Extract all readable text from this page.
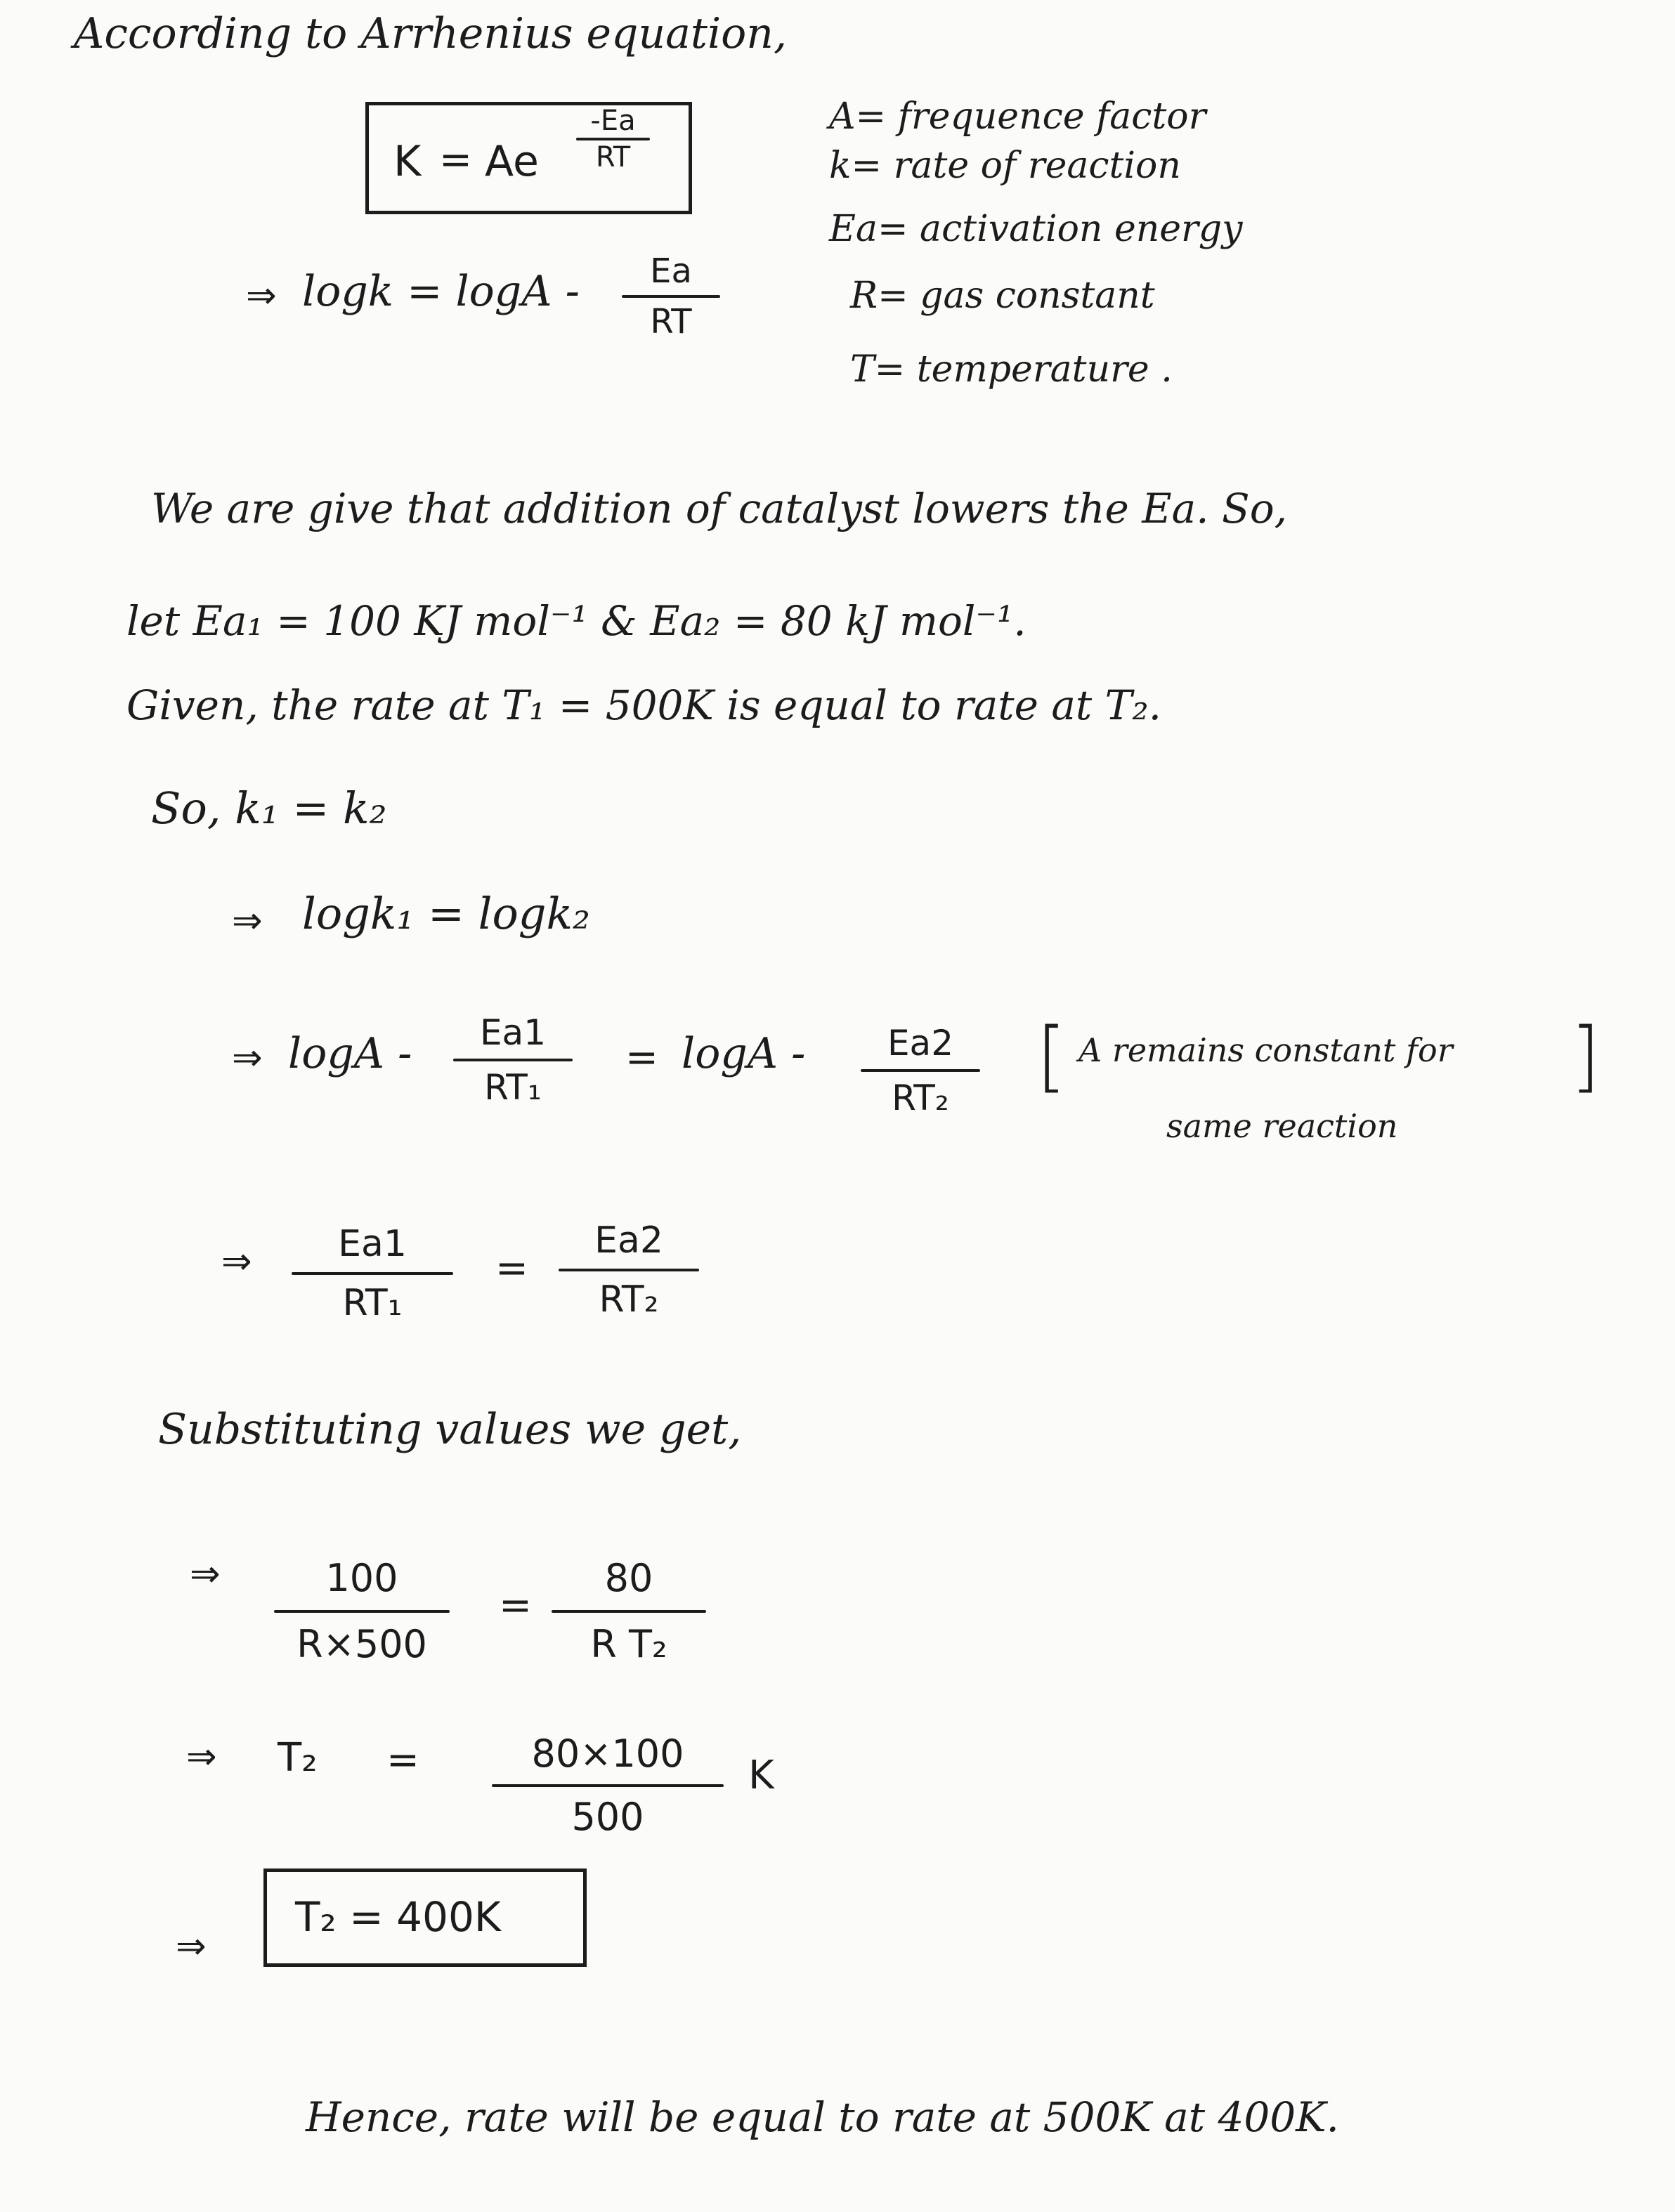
According to Arrhenius equation,
K = Ae
-Ea
RT
⇒ logk = logA - Ea
RT
A= frequence factor
k= rate of reaction
Ea= activation energy
R= gas constant
T= temperature .
We are give that addition of catalyst lowers the Ea. So,
let Ea₁ = 100 KJ mol⁻¹ & Ea₂ = 80 kJ mol⁻¹.
Given, the rate at T₁ = 500K is equal to rate at T₂.
So, k₁ = k₂
⇒ logk₁ = logk₂
⇒ logA - Ea1
RT₁
= logA - Ea2
RT₂ [ A remains constant for
same reaction
]
⇒ Ea1
RT₁
=
Ea2
RT₂
Substituting values we get,
⇒	100
R×500
=
80
R T₂
⇒ T₂ =	80×100
500
K
⇒
T₂ = 400K
Hence, rate will be equal to rate at 500K at 400K.
